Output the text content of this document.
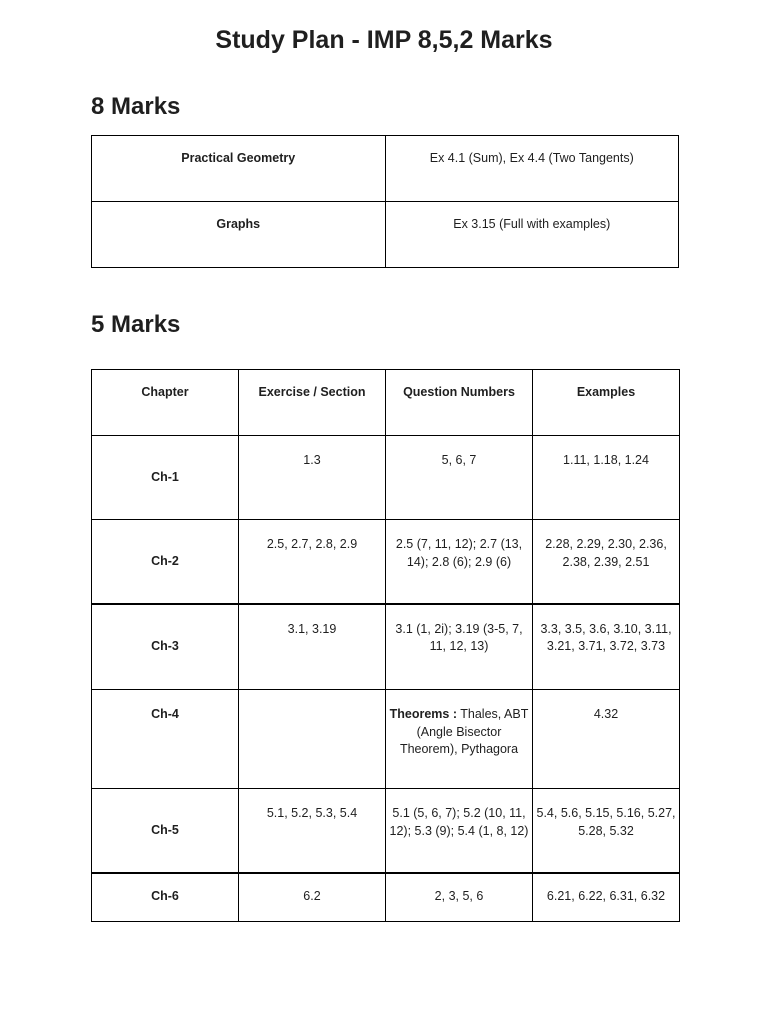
Study Plan - IMP 8,5,2 Marks
8 Marks
Practical Geometry	Ex 4.1 (Sum), Ex 4.4 (Two Tangents)
Graphs	Ex 3.15 (Full with examples)
5 Marks
Chapter	Exercise / Section	Question Numbers	Examples
Ch-1	1.3	5, 6, 7	1.11, 1.18, 1.24
Ch-2	2.5, 2.7, 2.8, 2.9	2.5 (7, 11, 12); 2.7 (13, 14); 2.8 (6); 2.9 (6)	2.28, 2.29, 2.30, 2.36, 2.38, 2.39, 2.51
Ch-3	3.1, 3.19	3.1 (1, 2i); 3.19 (3-5, 7, 11, 12, 13)	3.3, 3.5, 3.6, 3.10, 3.11, 3.21, 3.71, 3.72, 3.73
Ch-4		Theorems : Thales, ABT (Angle Bisector Theorem), Pythagora	4.32
Ch-5	5.1, 5.2, 5.3, 5.4	5.1 (5, 6, 7); 5.2 (10, 11, 12); 5.3 (9); 5.4 (1, 8, 12)	5.4, 5.6, 5.15, 5.16, 5.27, 5.28, 5.32
Ch-6	6.2	2, 3, 5, 6	6.21, 6.22, 6.31, 6.32
